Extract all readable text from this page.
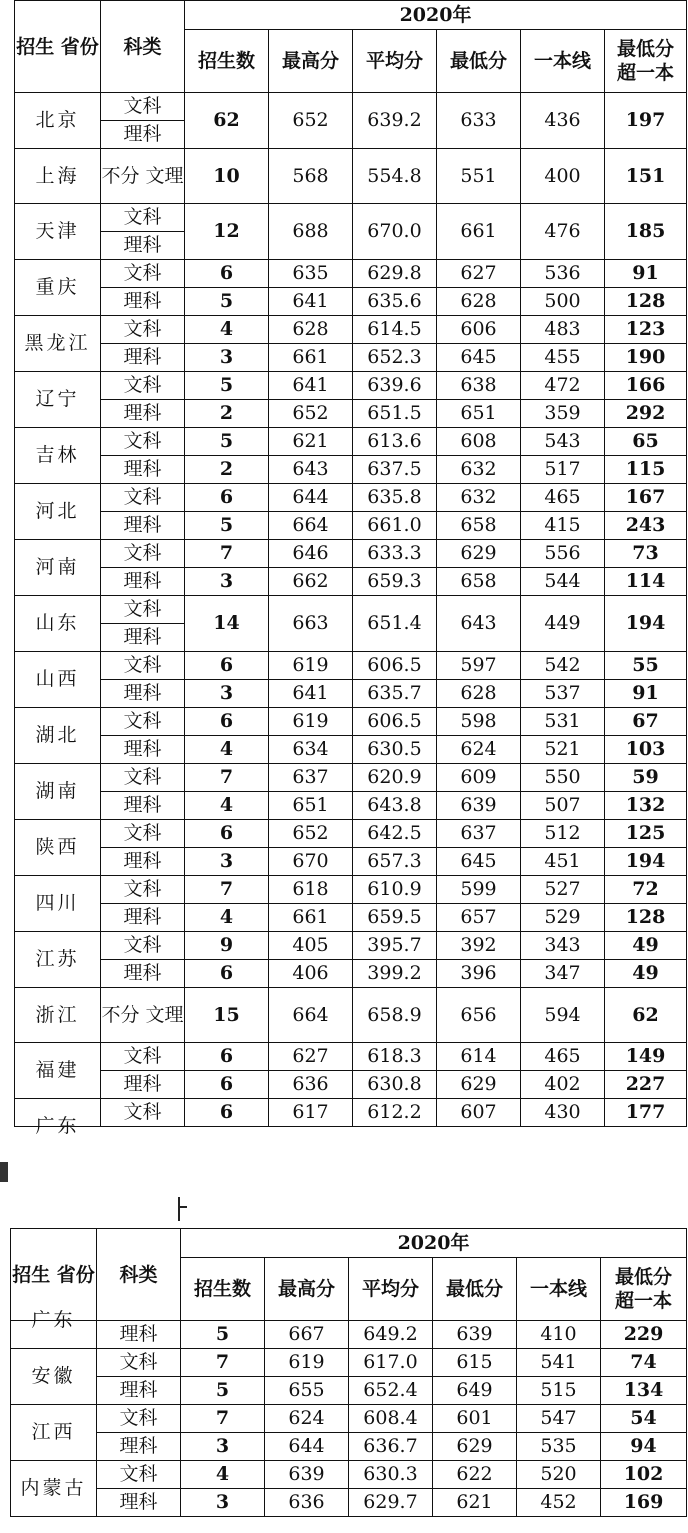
招生 省份	科类	2020年					
		招生数	最高分	平均分	最低分	一本线	最低分
超一本
北京	文科	62	652	639.2	633	436	197
	理科						
上海	不分 文理	10	568	554.8	551	400	151
天津	文科	12	688	670.0	661	476	185
	理科						
重庆	文科	6	635	629.8	627	536	91
	理科	5	641	635.6	628	500	128
黑龙江	文科	4	628	614.5	606	483	123
	理科	3	661	652.3	645	455	190
辽宁	文科	5	641	639.6	638	472	166
	理科	2	652	651.5	651	359	292
吉林	文科	5	621	613.6	608	543	65
	理科	2	643	637.5	632	517	115
河北	文科	6	644	635.8	632	465	167
	理科	5	664	661.0	658	415	243
河南	文科	7	646	633.3	629	556	73
	理科	3	662	659.3	658	544	114
山东	文科	14	663	651.4	643	449	194
	理科						
山西	文科	6	619	606.5	597	542	55
	理科	3	641	635.7	628	537	91
湖北	文科	6	619	606.5	598	531	67
	理科	4	634	630.5	624	521	103
湖南	文科	7	637	620.9	609	550	59
	理科	4	651	643.8	639	507	132
陕西	文科	6	652	642.5	637	512	125
	理科	3	670	657.3	645	451	194
四川	文科	7	618	610.9	599	527	72
	理科	4	661	659.5	657	529	128
江苏	文科	9	405	395.7	392	343	49
	理科	6	406	399.2	396	347	49
浙江	不分 文理	15	664	658.9	656	594	62
福建	文科	6	627	618.3	614	465	149
	理科	6	636	630.8	629	402	227

广东	文科	6	617	612.2	607	430	177
招生 省份	科类	2020年					
		招生数	最高分	平均分	最低分	一本线	最低分
超一本

广东	理科	5	667	649.2	639	410	229
安徽	文科	7	619	617.0	615	541	74
	理科	5	655	652.4	649	515	134
江西	文科	7	624	608.4	601	547	54
	理科	3	644	636.7	629	535	94
内蒙古	文科	4	639	630.3	622	520	102
	理科	3	636	629.7	621	452	169
